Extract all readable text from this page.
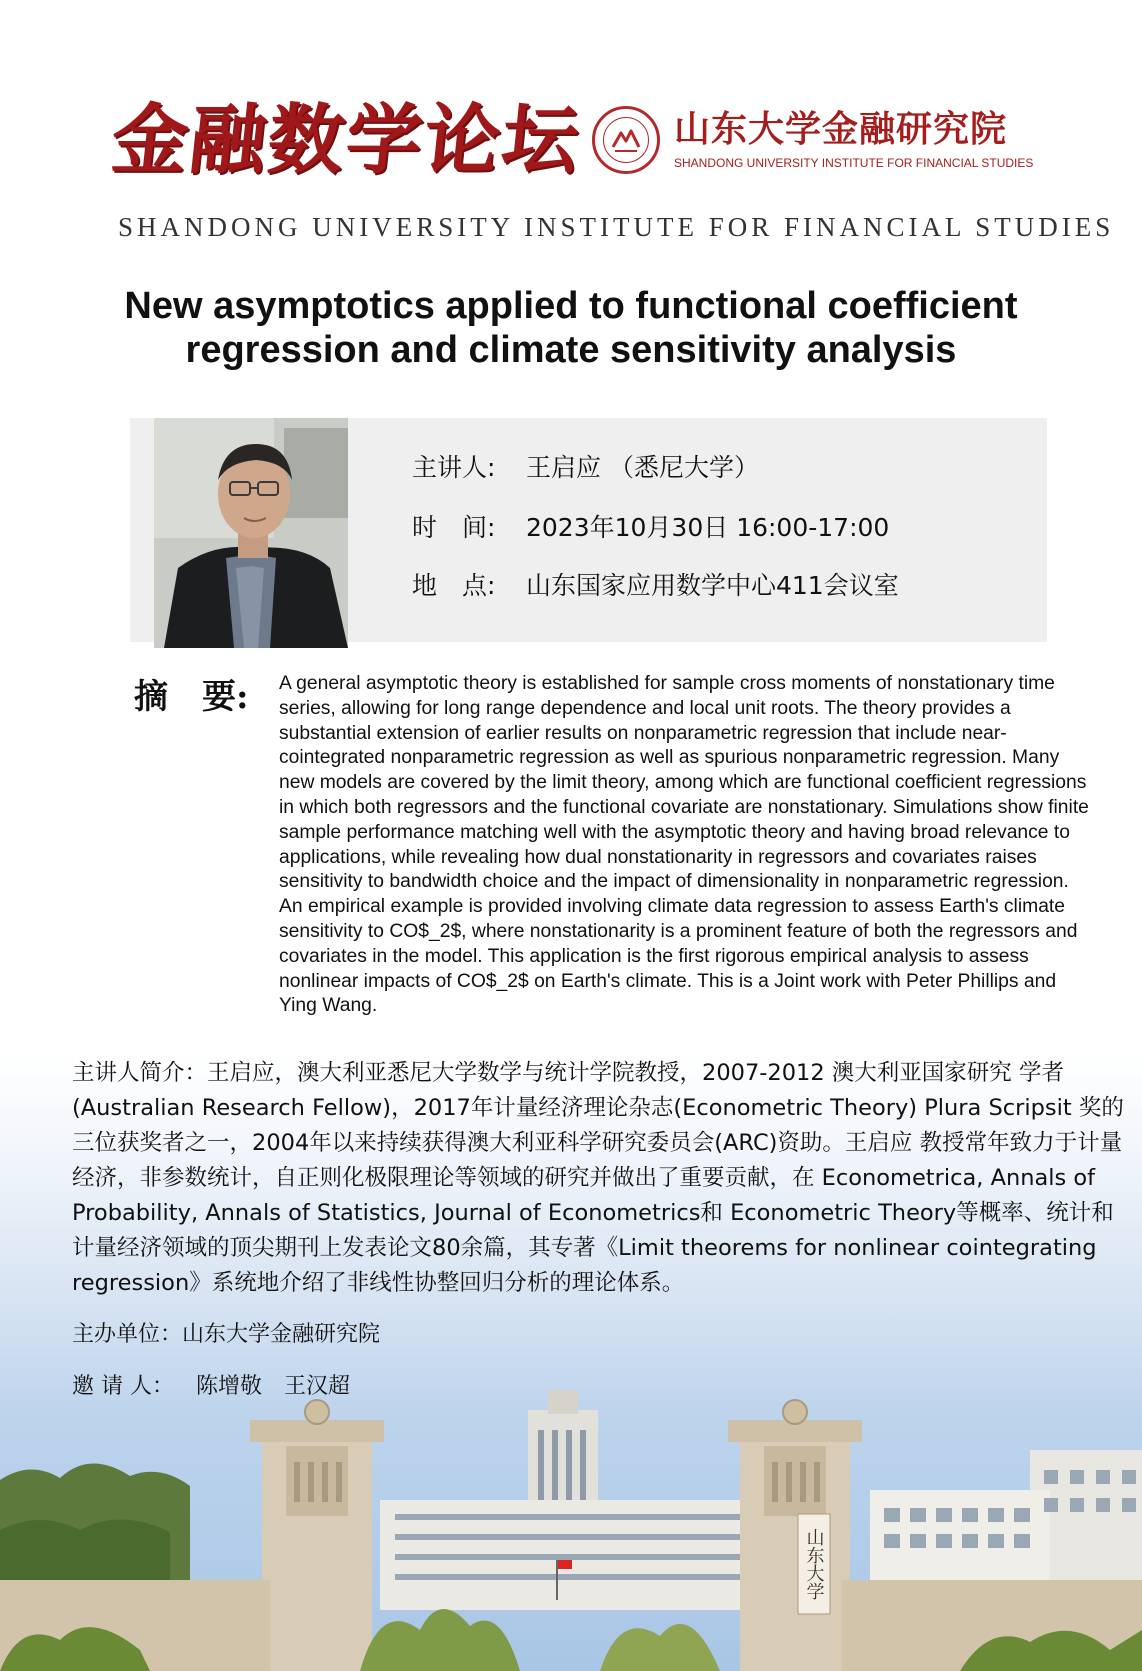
金融数学论坛 山东大学金融研究院
SHANDONG UNIVERSITY INSTITUTE FOR FINANCIAL STUDIES
SHANDONG UNIVERSITY INSTITUTE FOR FINANCIAL STUDIES
New asymptotics applied to functional coefficient
regression and climate sensitivity analysis
主讲人: 王启应 （悉尼大学）
时　间: 2023年10月30日 16:00-17:00
地　点: 山东国家应用数学中心411会议室
摘　要:	A general asymptotic theory is established for sample cross moments of nonstationary time series, allowing for long range dependence and local unit roots. The theory provides a substantial extension of earlier results on nonparametric regression that include near- cointegrated nonparametric regression as well as spurious nonparametric regression. Many new models are covered by the limit theory, among which are functional coefficient regressions in which both regressors and the functional covariate are nonstationary. Simulations show finite sample performance matching well with the asymptotic theory and having broad relevance to applications, while revealing how dual nonstationarity in regressors and covariates raises sensitivity to bandwidth choice and the impact of dimensionality in nonparametric regression. An empirical example is provided involving climate data regression to assess Earth's climate sensitivity to CO$_2$, where nonstationarity is a prominent feature of both the regressors and covariates in the model. This application is the first rigorous empirical analysis to assess nonlinear impacts of CO$_2$ on Earth's climate. This is a Joint work with Peter Phillips and Ying Wang.
主讲人简介：王启应，澳大利亚悉尼大学数学与统计学院教授，2007-2012 澳大利亚国家研究 学者(Australian Research Fellow)，2017年计量经济理论杂志(Econometric Theory) Plura Scripsit 奖的三位获奖者之一，2004年以来持续获得澳大利亚科学研究委员会(ARC)资助。王启应 教授常年致力于计量经济，非参数统计，自正则化极限理论等领域的研究并做出了重要贡献，在 Econometrica, Annals of Probability, Annals of Statistics, Journal of Econometrics和 Econometric Theory等概率、统计和计量经济领域的顶尖期刊上发表论文80余篇，其专著《Limit theorems for nonlinear cointegrating regression》系统地介绍了非线性协整回归分析的理论体系。
主办单位：山东大学金融研究院
邀 请 人： 陈增敬　王汉超
山东大学
